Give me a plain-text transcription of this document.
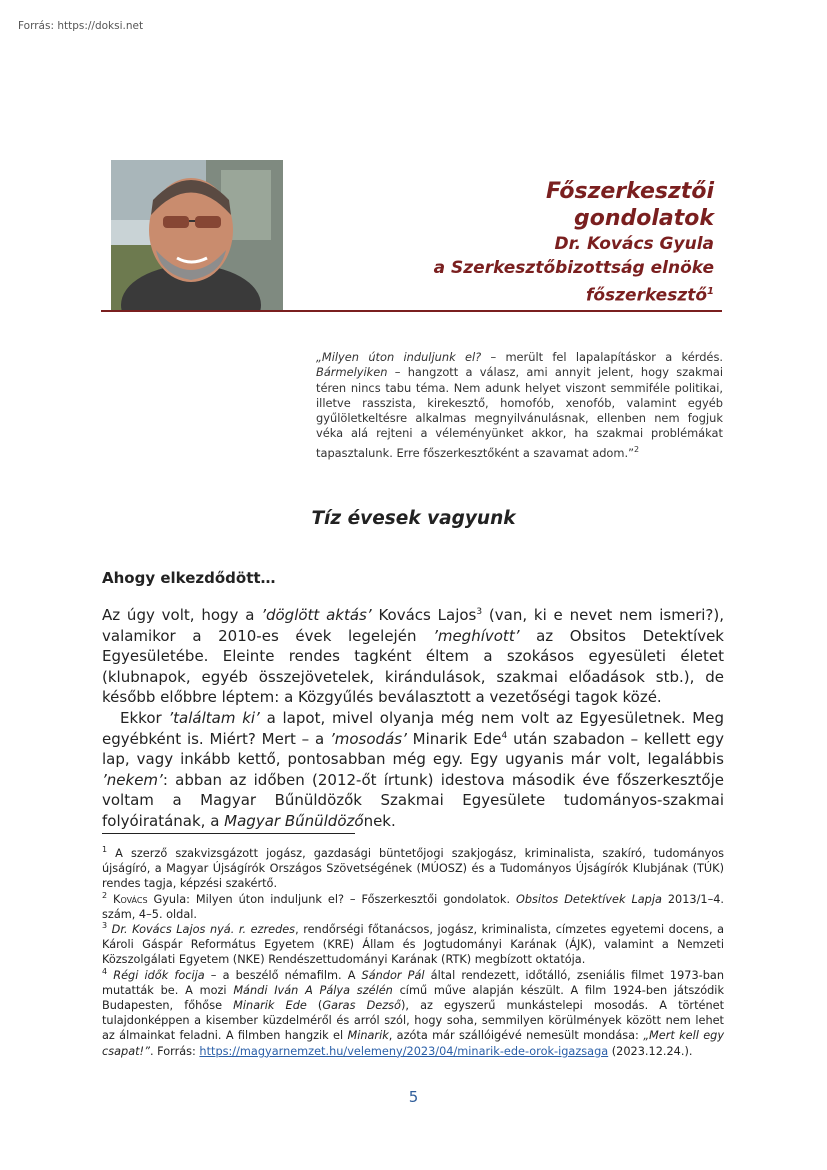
Forrás: https://doksi.net
Főszerkesztői
gondolatok
Dr. Kovács Gyula
a Szerkesztőbizottság elnöke
főszerkesztő$^1$
„Milyen úton induljunk el? – merült fel lapalapításkor a kérdés. Bármelyiken – hangzott a válasz, ami annyit jelent, hogy szakmai téren nincs tabu téma. Nem adunk helyet viszont semmiféle politikai, illetve rasszista, kirekesztő, homofób, xenofób, valamint egyéb gyűlöletkeltésre alkalmas megnyilvánulásnak, ellenben nem fogjuk véka alá rejteni a véleményünket akkor, ha szakmai problémákat tapasztalunk. Erre főszerkesztőként a szavamat adom.”$^2$
Tíz évesek vagyunk
Ahogy elkezdődött…

Az úgy volt, hogy a ’döglött aktás’ Kovács Lajos$^3$ (van, ki e nevet nem ismeri?), valamikor a 2010-es évek legelején ’meghívott’ az Obsitos Detektívek Egyesületébe. Eleinte rendes tagként éltem a szokásos egyesületi életet (klubnapok, egyéb összejövetelek, kirándulások, szakmai előadások stb.), de később előbbre léptem: a Közgyűlés beválasztott a vezetőségi tagok közé.

Ekkor ’találtam ki’ a lapot, mivel olyanja még nem volt az Egyesületnek. Meg egyébként is. Miért? Mert – a ’mosodás’ Minarik Ede$^4$ után szabadon – kellett egy lap, vagy inkább kettő, pontosabban még egy. Egy ugyanis már volt, legalábbis ’nekem’: abban az időben (2012-őt írtunk) idestova második éve főszerkesztője voltam a Magyar Bűnüldözők Szakmai Egyesülete tudományos-szakmai folyóiratának, a Magyar Bűnüldözőnek.

$^1$ A szerző szakvizsgázott jogász, gazdasági büntetőjogi szakjogász, kriminalista, szakíró, tudományos újságíró, a Magyar Újságírók Országos Szövetségének (MÚOSZ) és a Tudományos Újságírók Klubjának (TÚK) rendes tagja, képzési szakértő.

$^2$ Kovács Gyula: Milyen úton induljunk el? – Főszerkesztői gondolatok. Obsitos Detektívek Lapja 2013/1–4. szám, 4–5. oldal.

$^3$ Dr. Kovács Lajos nyá. r. ezredes, rendőrségi főtanácsos, jogász, kriminalista, címzetes egyetemi docens, a Károli Gáspár Református Egyetem (KRE) Állam és Jogtudományi Karának (ÁJK), valamint a Nemzeti Közszolgálati Egyetem (NKE) Rendészettudományi Karának (RTK) megbízott oktatója.

$^4$ Régi idők focija – a beszélő némafilm. A Sándor Pál által rendezett, időtálló, zseniális filmet 1973-ban mutatták be. A mozi Mándi Iván A Pálya szélén című műve alapján készült. A film 1924-ben játszódik Budapesten, főhőse Minarik Ede (Garas Dezső), az egyszerű munkástelepi mosodás. A történet tulajdonképpen a kisember küzdelméről és arról szól, hogy soha, semmilyen körülmények között nem lehet az álmainkat feladni. A filmben hangzik el Minarik, azóta már szállóigévé nemesült mondása: „Mert kell egy csapat!”. Forrás: https://magyarnemzet.hu/velemeny/2023/04/minarik-ede-orok-igazsaga (2023.12.24.).

5
